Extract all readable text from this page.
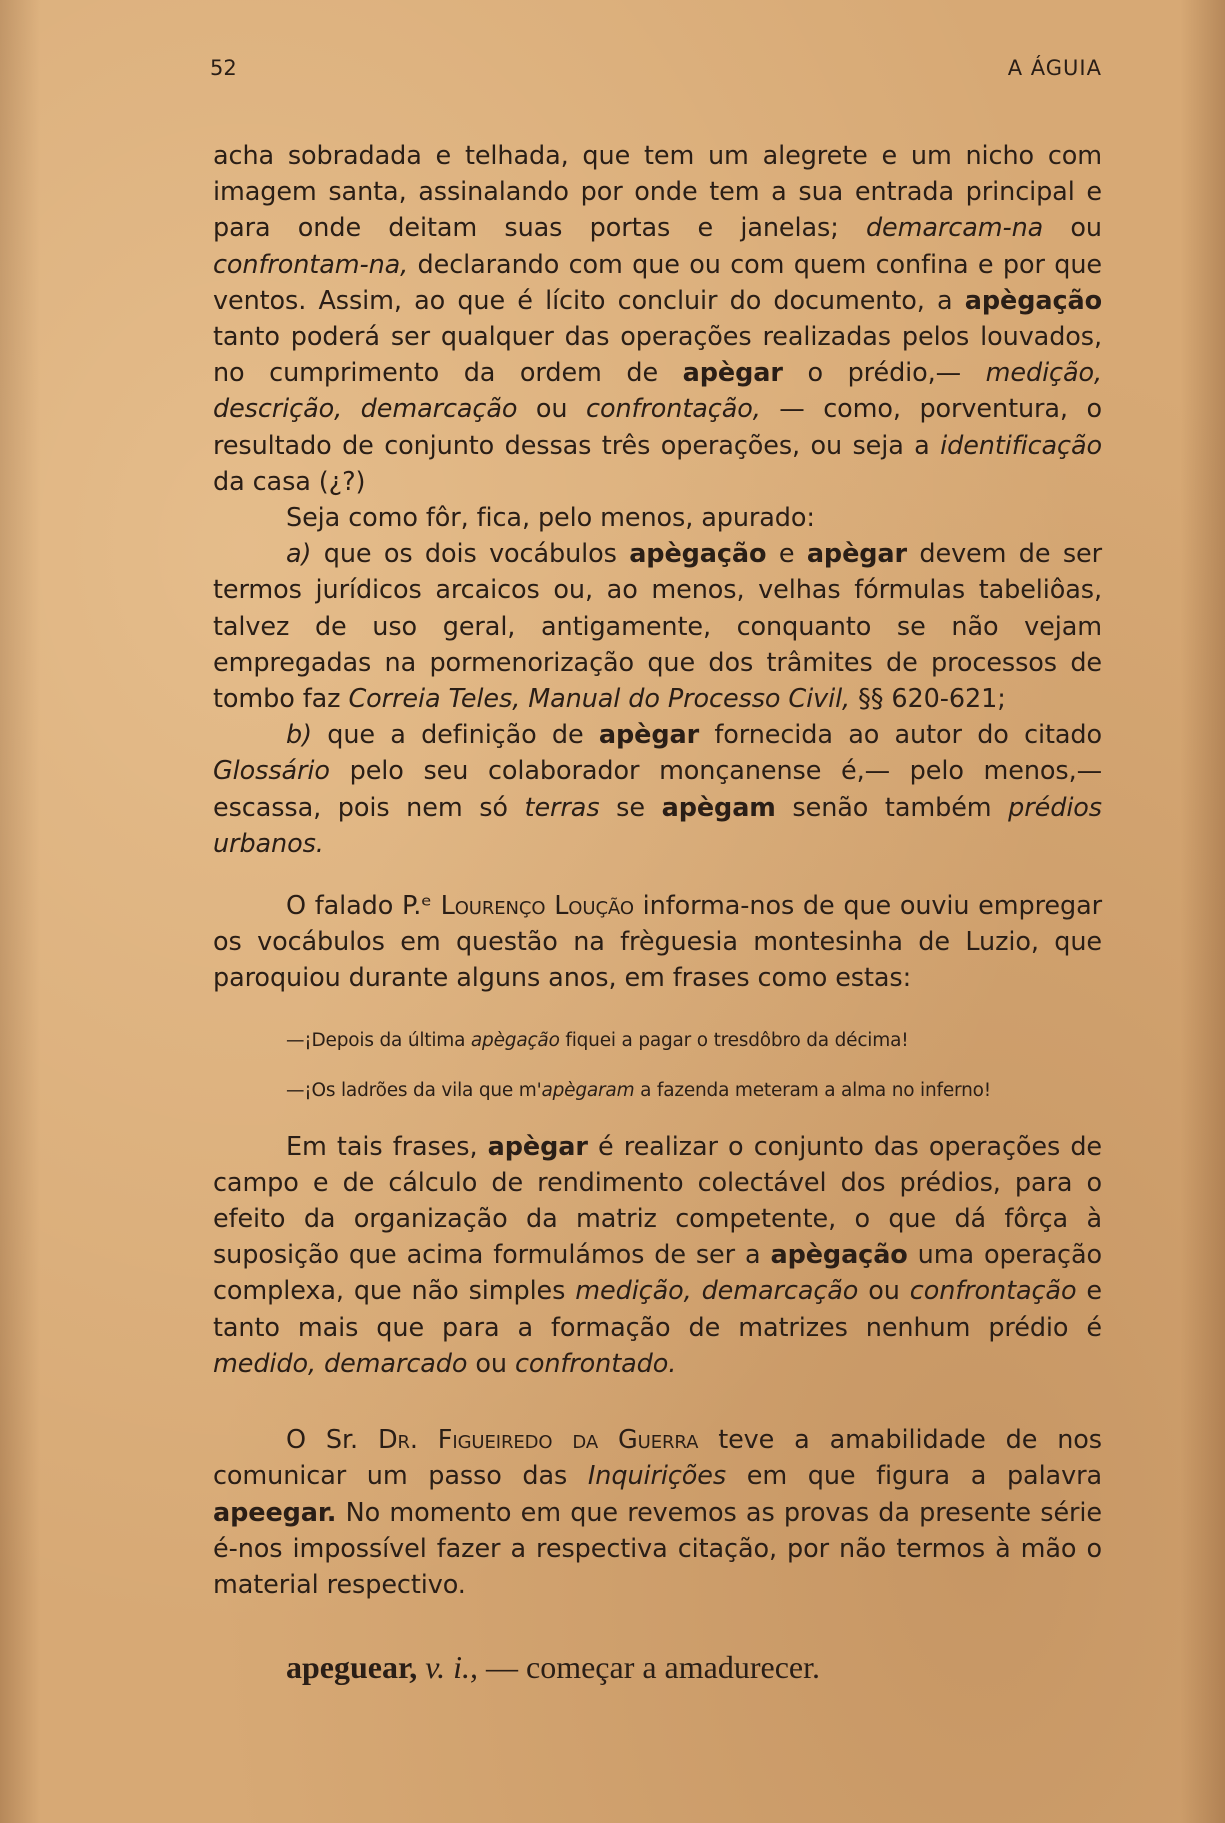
52	A ÁGUIA

acha sobradada e telhada, que tem um alegrete e um nicho com imagem santa, assinalando por onde tem a sua entrada principal e para onde deitam suas portas e janelas; demarcam-na ou confrontam-na, declarando com que ou com quem confina e por que ventos. Assim, ao que é lícito concluir do documento, a apègação tanto poderá ser qualquer das operações realizadas pelos louvados, no cumprimento da ordem de apègar o prédio,— medição, descrição, demarcação ou confrontação, — como, porventura, o resultado de conjunto dessas três operações, ou seja a identificação da casa (¿?)

Seja como fôr, fica, pelo menos, apurado:

a) que os dois vocábulos apègação e apègar devem de ser termos jurídicos arcaicos ou, ao menos, velhas fórmulas tabeliôas, talvez de uso geral, antigamente, conquanto se não vejam empregadas na pormenorização que dos trâmites de processos de tombo faz Correia Teles, Manual do Processo Civil, §§ 620-621;

b) que a definição de apègar fornecida ao autor do citado Glossário pelo seu colaborador monçanense é,— pelo menos,— escassa, pois nem só terras se apègam senão também prédios urbanos.

O falado P.ᵉ Lourenço Loução informa-nos de que ouviu empregar os vocábulos em questão na frèguesia montesinha de Luzio, que paroquiou durante alguns anos, em frases como estas:

—¡Depois da última apègação fiquei a pagar o tresdôbro da décima!
—¡Os ladrões da vila que m'apègaram a fazenda meteram a alma no inferno!

Em tais frases, apègar é realizar o conjunto das operações de campo e de cálculo de rendimento colectável dos prédios, para o efeito da organização da matriz competente, o que dá fôrça à suposição que acima formulámos de ser a apègação uma operação complexa, que não simples medição, demarcação ou confrontação e tanto mais que para a formação de matrizes nenhum prédio é medido, demarcado ou confrontado.

O Sr. Dr. Figueiredo da Guerra teve a amabilidade de nos comunicar um passo das Inquirições em que figura a palavra apeegar. No momento em que revemos as provas da presente série é-nos impossível fazer a respectiva citação, por não termos à mão o material respectivo.

apeguear, v. i., — começar a amadurecer.
